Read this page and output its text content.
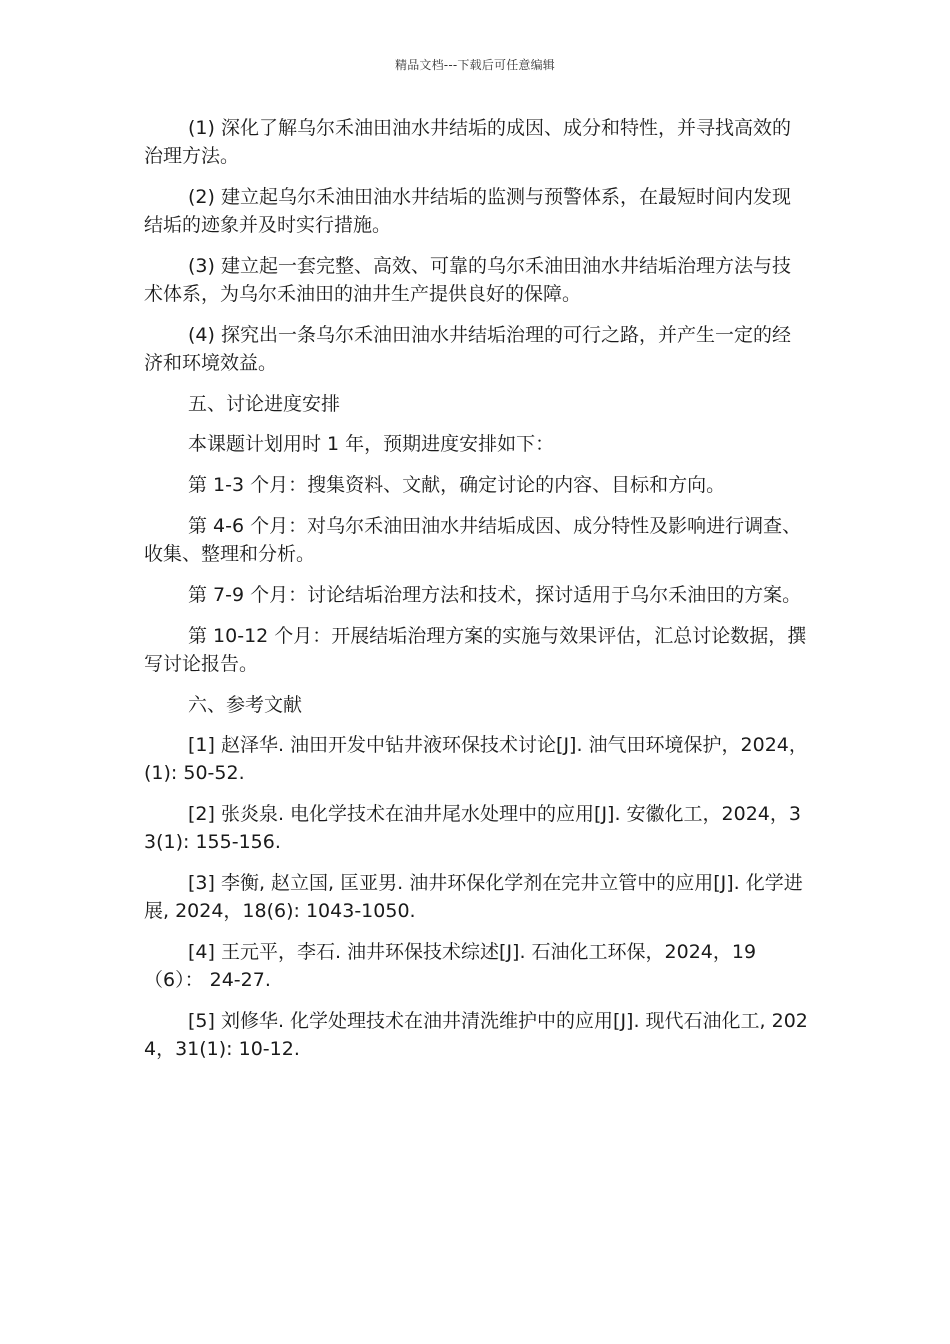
精品文档---下载后可任意编辑

(1) 深化了解乌尔禾油田油水井结垢的成因、成分和特性，并寻找高效的治理方法。

(2) 建立起乌尔禾油田油水井结垢的监测与预警体系，在最短时间内发现结垢的迹象并及时实行措施。

(3) 建立起一套完整、高效、可靠的乌尔禾油田油水井结垢治理方法与技术体系，为乌尔禾油田的油井生产提供良好的保障。

(4) 探究出一条乌尔禾油田油水井结垢治理的可行之路，并产生一定的经济和环境效益。

五、讨论进度安排

本课题计划用时 1 年，预期进度安排如下：

第 1-3 个月：搜集资料、文献，确定讨论的内容、目标和方向。

第 4-6 个月：对乌尔禾油田油水井结垢成因、成分特性及影响进行调查、收集、整理和分析。

第 7-9 个月：讨论结垢治理方法和技术，探讨适用于乌尔禾油田的方案。

第 10-12 个月：开展结垢治理方案的实施与效果评估，汇总讨论数据，撰写讨论报告。

六、参考文献

[1] 赵泽华. 油田开发中钻井液环保技术讨论[J]. 油气田环境保护，2024，(1): 50-52.

[2] 张炎泉. 电化学技术在油井尾水处理中的应用[J]. 安徽化工，2024，33(1): 155-156.

[3] 李衡, 赵立国, 匡亚男. 油井环保化学剂在完井立管中的应用[J]. 化学进展, 2024，18(6): 1043-1050.

[4] 王元平，李石. 油井环保技术综述[J]. 石油化工环保，2024，19（6）： 24-27.

[5] 刘修华. 化学处理技术在油井清洗维护中的应用[J]. 现代石油化工, 2024，31(1): 10-12.
